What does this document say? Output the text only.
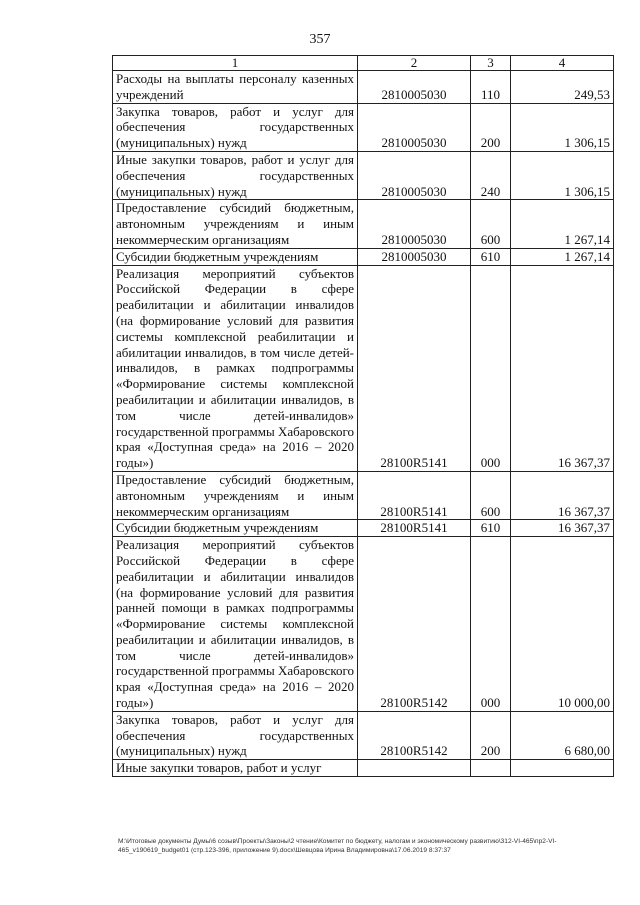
357
1	2	3	4
Расходы на выплаты персоналу казенных учреждений	2810005030	110	249,53
Закупка товаров, работ и услуг для обеспечения государственных (муниципальных) нужд	2810005030	200	1 306,15
Иные закупки товаров, работ и услуг для обеспечения государственных (муниципальных) нужд	2810005030	240	1 306,15
Предоставление субсидий бюджетным, автономным учреждениям и иным некоммерческим организациям	2810005030	600	1 267,14
Субсидии бюджетным учреждениям	2810005030	610	1 267,14
Реализация мероприятий субъектов Российской Федерации в сфере реабилитации и абилитации инвалидов (на формирование условий для развития системы комплексной реабилитации и абилитации инвалидов, в том числе детей-инвалидов, в рамках подпрограммы «Формирование системы комплексной реабилитации и абилитации инвалидов, в том числе детей-инвалидов» государственной программы Хабаровского края «Доступная среда» на 2016 – 2020 годы»)	28100R5141	000	16 367,37
Предоставление субсидий бюджетным, автономным учреждениям и иным некоммерческим организациям	28100R5141	600	16 367,37
Субсидии бюджетным учреждениям	28100R5141	610	16 367,37
Реализация мероприятий субъектов Российской Федерации в сфере реабилитации и абилитации инвалидов (на формирование условий для развития ранней помощи в рамках подпрограммы «Формирование системы комплексной реабилитации и абилитации инвалидов, в том числе детей-инвалидов» государственной программы Хабаровского края «Доступная среда» на 2016 – 2020 годы»)	28100R5142	000	10 000,00
Закупка товаров, работ и услуг для обеспечения государственных (муниципальных) нужд	28100R5142	200	6 680,00
Иные закупки товаров, работ и услуг			
M:\Итоговые документы Думы\6 созыв\Проекты\Законы\2 чтение\Комитет по бюджету, налогам и экономическому развитию\312-VI-465\пр2-VI-
465_v190619_budget01 (стр.123-396, приложение 9).docx\Шевцова Ирина Владимировна\17.06.2019 8:37:37
